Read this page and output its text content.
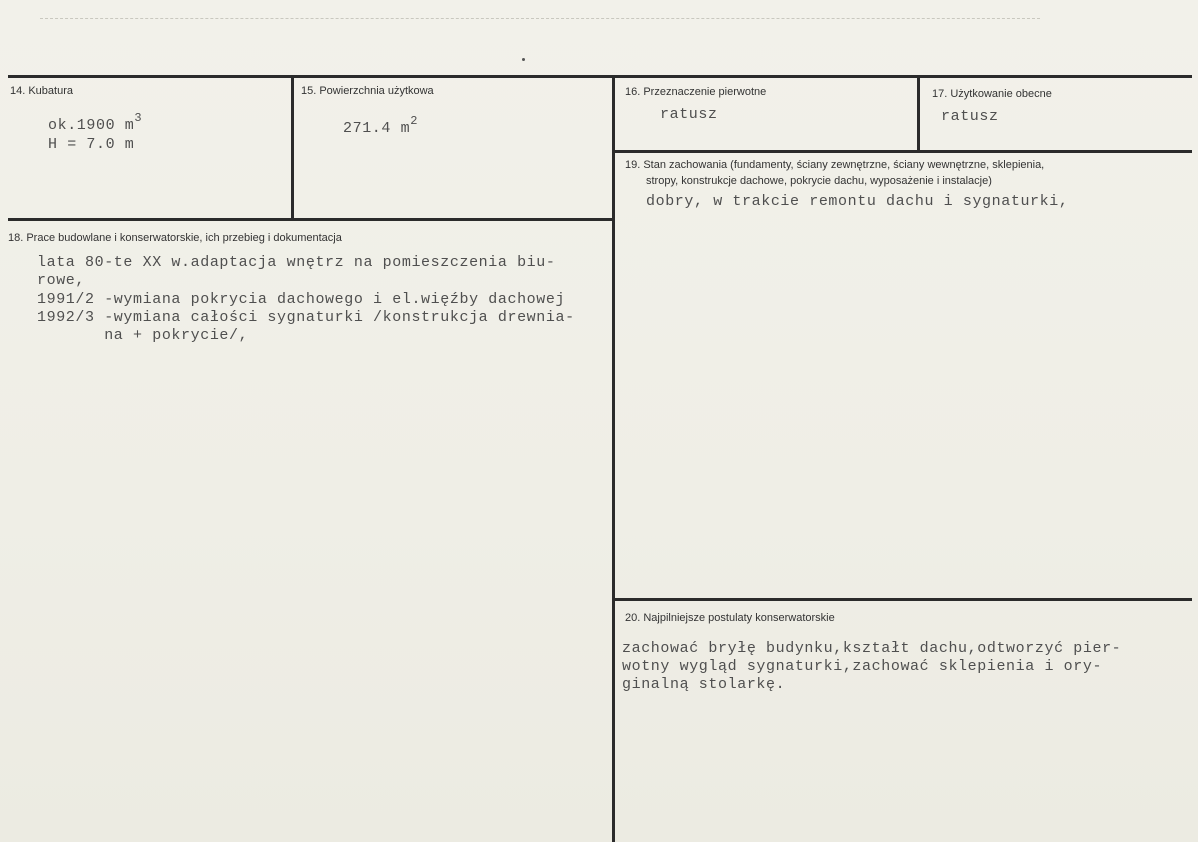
14. Kubatura
ok.1900 $m^3$
H = 7.0 m
15. Powierzchnia użytkowa
271.4 $m^2$
16. Przeznaczenie pierwotne
ratusz
17. Użytkowanie obecne
ratusz
18. Prace budowlane i konserwatorskie, ich przebieg i dokumentacja
lata 80-te XX w.adaptacja wnętrz na pomieszczenia biu-
rowe,
1991/2 -wymiana pokrycia dachowego i el.więźby dachowej
1992/3 -wymiana całości sygnaturki /konstrukcja drewnia-
na + pokrycie/,
19. Stan zachowania (fundamenty, ściany zewnętrzne, ściany wewnętrzne, sklepienia,
stropy, konstrukcje dachowe, pokrycie dachu, wyposażenie i instalacje)
dobry, w trakcie remontu dachu i sygnaturki,
20. Najpilniejsze postulaty konserwatorskie
zachować bryłę budynku,kształt dachu,odtworzyć pier-
wotny wygląd sygnaturki,zachować sklepienia i ory-
ginalną stolarkę.
